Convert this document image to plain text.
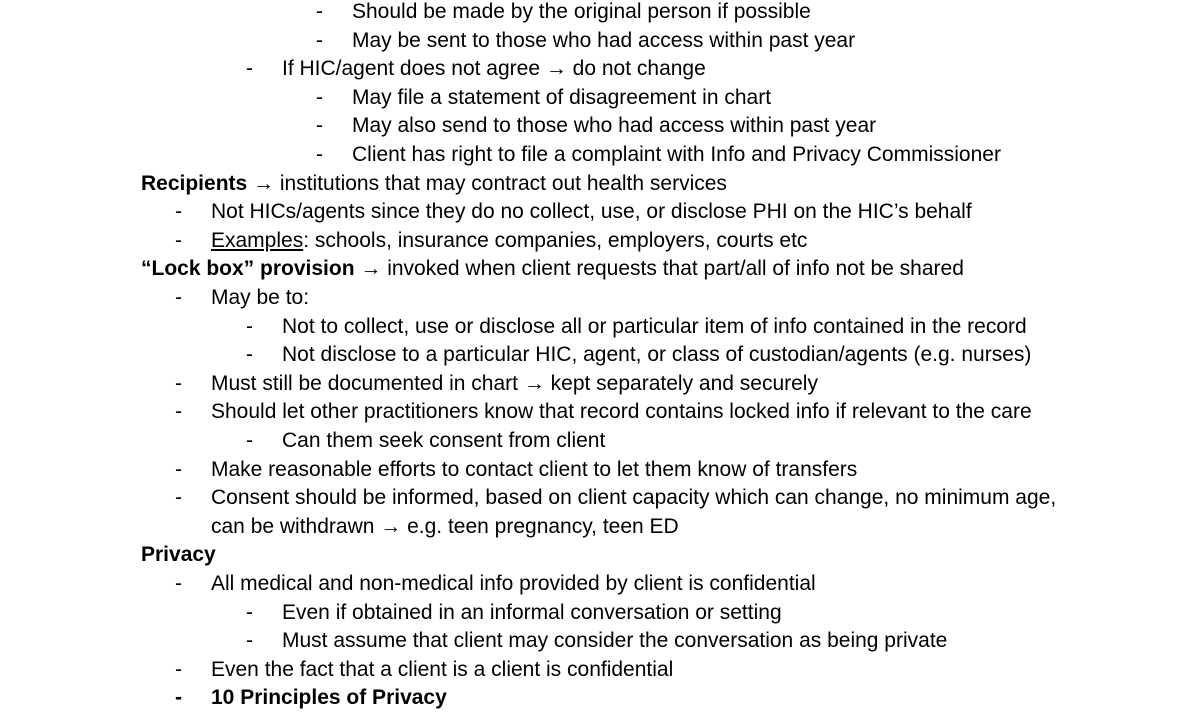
- Should be made by the original person if possible
- May be sent to those who had access within past year
- If HIC/agent does not agree → do not change
- May file a statement of disagreement in chart
- May also send to those who had access within past year
- Client has right to file a complaint with Info and Privacy Commissioner
Recipients → institutions that may contract out health services
- Not HICs/agents since they do no collect, use, or disclose PHI on the HIC’s behalf
- Examples: schools, insurance companies, employers, courts etc
“Lock box” provision → invoked when client requests that part/all of info not be shared
- May be to:
- Not to collect, use or disclose all or particular item of info contained in the record
- Not disclose to a particular HIC, agent, or class of custodian/agents (e.g. nurses)
- Must still be documented in chart → kept separately and securely
- Should let other practitioners know that record contains locked info if relevant to the care
- Can them seek consent from client
- Make reasonable efforts to contact client to let them know of transfers
- Consent should be informed, based on client capacity which can change, no minimum age, can be withdrawn → e.g. teen pregnancy, teen ED
Privacy
- All medical and non-medical info provided by client is confidential
- Even if obtained in an informal conversation or setting
- Must assume that client may consider the conversation as being private
- Even the fact that a client is a client is confidential
- 10 Principles of Privacy
